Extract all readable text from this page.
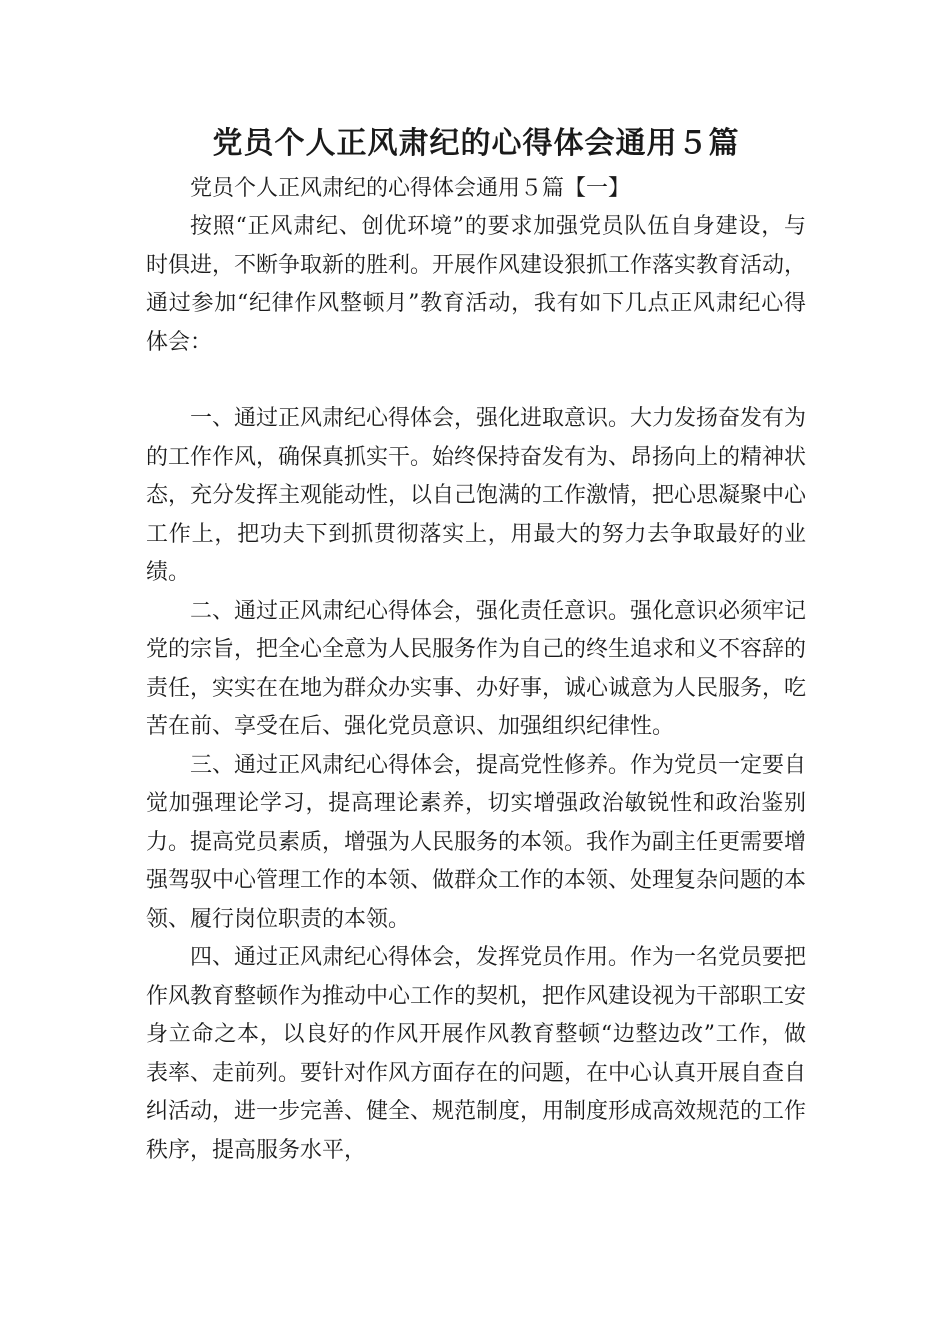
党员个人正风肃纪的心得体会通用５篇

党员个人正风肃纪的心得体会通用５篇【一】

按照“正风肃纪、创优环境”的要求加强党员队伍自身建设，与时俱进，不断争取新的胜利。开展作风建设狠抓工作落实教育活动，通过参加“纪律作风整顿月”教育活动，我有如下几点正风肃纪心得体会：

一、通过正风肃纪心得体会，强化进取意识。大力发扬奋发有为的工作作风，确保真抓实干。始终保持奋发有为、昂扬向上的精神状态，充分发挥主观能动性，以自己饱满的工作激情，把心思凝聚中心工作上，把功夫下到抓贯彻落实上，用最大的努力去争取最好的业绩。

二、通过正风肃纪心得体会，强化责任意识。强化意识必须牢记党的宗旨，把全心全意为人民服务作为自己的终生追求和义不容辞的责任，实实在在地为群众办实事、办好事，诚心诚意为人民服务，吃苦在前、享受在后、强化党员意识、加强组织纪律性。

三、通过正风肃纪心得体会，提高党性修养。作为党员一定要自觉加强理论学习，提高理论素养，切实增强政治敏锐性和政治鉴别力。提高党员素质，增强为人民服务的本领。我作为副主任更需要增强驾驭中心管理工作的本领、做群众工作的本领、处理复杂问题的本领、履行岗位职责的本领。

四、通过正风肃纪心得体会，发挥党员作用。作为一名党员要把作风教育整顿作为推动中心工作的契机，把作风建设视为干部职工安身立命之本，以良好的作风开展作风教育整顿“边整边改”工作，做表率、走前列。要针对作风方面存在的问题，在中心认真开展自查自纠活动，进一步完善、健全、规范制度，用制度形成高效规范的工作秩序，提高服务水平，
